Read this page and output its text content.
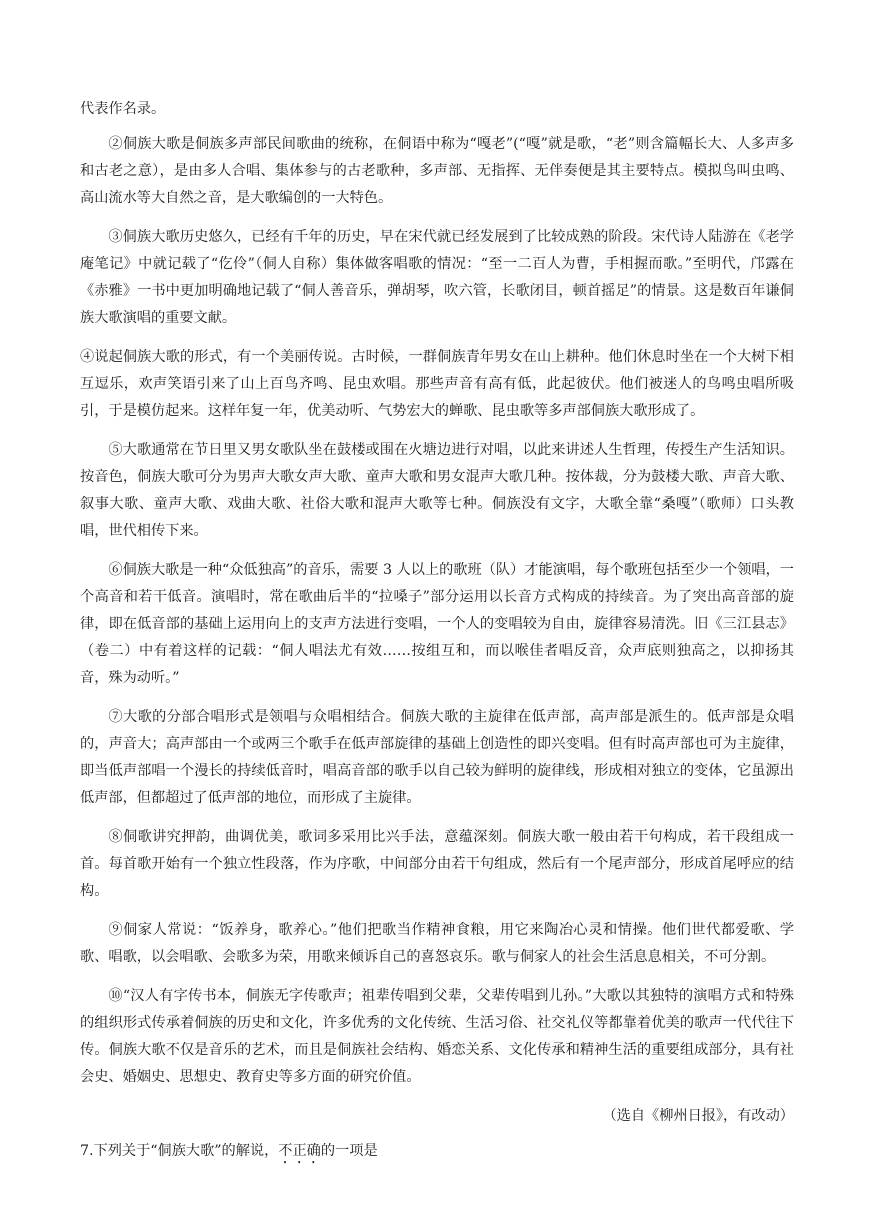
代表作名录。

②侗族大歌是侗族多声部民间歌曲的统称，在侗语中称为“嘎老”(“嘎”就是歌，“老”则含篇幅长大、人多声多和古老之意），是由多人合唱、集体参与的古老歌种，多声部、无指挥、无伴奏便是其主要特点。模拟鸟叫虫鸣、高山流水等大自然之音，是大歌编创的一大特色。

③侗族大歌历史悠久，已经有千年的历史，早在宋代就已经发展到了比较成熟的阶段。宋代诗人陆游在《老学庵笔记》中就记载了“仡伶”（侗人自称）集体做客唱歌的情况：“至一二百人为曹，手相握而歌。”至明代，邝露在《赤雅》一书中更加明确地记载了“侗人善音乐，弹胡琴，吹六管，长歌闭目，顿首摇足”的情景。这是数百年谦侗族大歌演唱的重要文献。

④说起侗族大歌的形式，有一个美丽传说。古时候，一群侗族青年男女在山上耕种。他们休息时坐在一个大树下相互逗乐，欢声笑语引来了山上百鸟齐鸣、昆虫欢唱。那些声音有高有低，此起彼伏。他们被迷人的鸟鸣虫唱所吸引，于是模仿起来。这样年复一年，优美动听、气势宏大的蝉歌、昆虫歌等多声部侗族大歌形成了。

⑤大歌通常在节日里又男女歌队坐在鼓楼或围在火塘边进行对唱，以此来讲述人生哲理，传授生产生活知识。按音色，侗族大歌可分为男声大歌女声大歌、童声大歌和男女混声大歌几种。按体裁，分为鼓楼大歌、声音大歌、叙事大歌、童声大歌、戏曲大歌、社俗大歌和混声大歌等七种。侗族没有文字，大歌全靠“桑嘎”（歌师）口头教唱，世代相传下来。

⑥侗族大歌是一种“众低独高”的音乐，需要 3 人以上的歌班（队）才能演唱，每个歌班包括至少一个领唱，一个高音和若干低音。演唱时，常在歌曲后半的“拉嗓子”部分运用以长音方式构成的持续音。为了突出高音部的旋律，即在低音部的基础上运用向上的支声方法进行变唱，一个人的变唱较为自由，旋律容易清洗。旧《三江县志》（卷二）中有着这样的记载：“侗人唱法尤有效……按组互和，而以喉佳者唱反音，众声底则独高之，以抑扬其音，殊为动听。”

⑦大歌的分部合唱形式是领唱与众唱相结合。侗族大歌的主旋律在低声部，高声部是派生的。低声部是众唱的，声音大；高声部由一个或两三个歌手在低声部旋律的基础上创造性的即兴变唱。但有时高声部也可为主旋律，即当低声部唱一个漫长的持续低音时，唱高音部的歌手以自己较为鲜明的旋律线，形成相对独立的变体，它虽源出低声部，但都超过了低声部的地位，而形成了主旋律。

⑧侗歌讲究押韵，曲调优美，歌词多采用比兴手法，意蕴深刻。侗族大歌一般由若干句构成，若干段组成一首。每首歌开始有一个独立性段落，作为序歌，中间部分由若干句组成，然后有一个尾声部分，形成首尾呼应的结构。

⑨侗家人常说：“饭养身，歌养心。”他们把歌当作精神食粮，用它来陶冶心灵和情操。他们世代都爱歌、学歌、唱歌，以会唱歌、会歌多为荣，用歌来倾诉自己的喜怒哀乐。歌与侗家人的社会生活息息相关，不可分割。

⑩“汉人有字传书本，侗族无字传歌声；祖辈传唱到父辈，父辈传唱到儿孙。”大歌以其独特的演唱方式和特殊的组织形式传承着侗族的历史和文化，许多优秀的文化传统、生活习俗、社交礼仪等都靠着优美的歌声一代代往下传。侗族大歌不仅是音乐的艺术，而且是侗族社会结构、婚恋关系、文化传承和精神生活的重要组成部分，具有社会史、婚姻史、思想史、教育史等多方面的研究价值。

（选自《柳州日报》，有改动）

7.下列关于“侗族大歌”的解说，不正确的一项是
